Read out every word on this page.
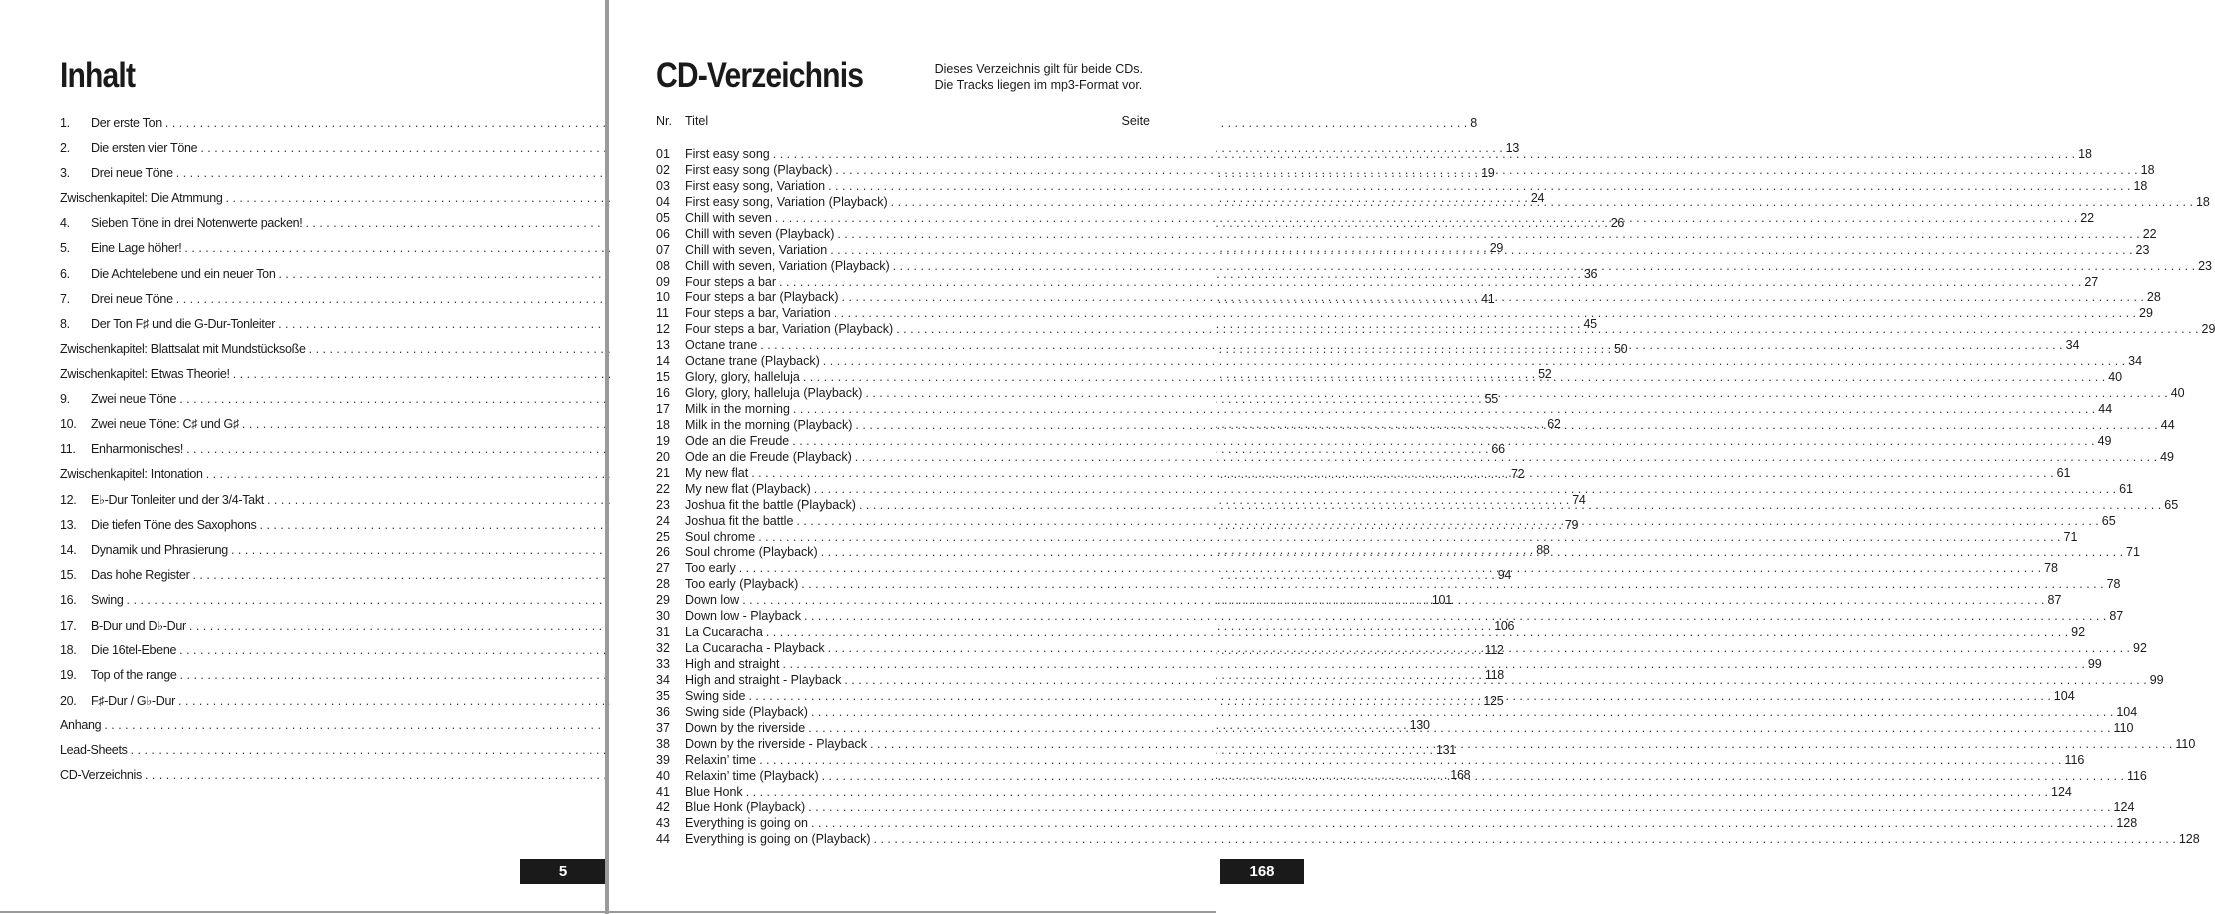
Inhalt
1.	Der erste Ton . . .	8
2.	Die ersten vier Töne . . .	13
3.	Drei neue Töne . . .	19
Zwischenkapitel: Die Atmmung . . .	24
4.	Sieben Töne in drei Notenwerte packen! . . .	26
5.	Eine Lage höher! . . .	29
6.	Die Achtelebene und ein neuer Ton . . .	36
7.	Drei neue Töne . . .	41
8.	Der Ton F♯ und die G-Dur-Tonleiter . . .	45
Zwischenkapitel: Blattsalat mit Mundstücksoße . . .	50
Zwischenkapitel: Etwas Theorie! . . .	52
9.	Zwei neue Töne . . .	55
10.	Zwei neue Töne: C♯ und G♯ . . .	62
11.	Enharmonisches! . . .	66
Zwischenkapitel: Intonation . . .	72
12.	E♭-Dur Tonleiter und der 3/4-Takt . . .	74
13.	Die tiefen Töne des Saxophons . . .	79
14.	Dynamik und Phrasierung . . .	88
15.	Das hohe Register . . .	94
16.	Swing . . .	101
17.	B-Dur und D♭-Dur . . .	106
18.	Die 16tel-Ebene . . .	112
19.	Top of the range . . .	118
20.	F♯-Dur / G♭-Dur . . .	125
Anhang . . .	130
Lead-Sheets . . .	131
CD-Verzeichnis . . .	168
5
CD-Verzeichnis	Dieses Verzeichnis gilt für beide CDs.
Die Tracks liegen im mp3-Format vor.
Nr. Titel	Seite
01	First easy song . . .	18
02	First easy song (Playback) . . .	18
03	First easy song, Variation . . .	18
04	First easy song, Variation (Playback) . . .	18
05	Chill with seven . . .	22
06	Chill with seven (Playback) . . .	22
07	Chill with seven, Variation . . .	23
08	Chill with seven, Variation (Playback) . . .	23
09	Four steps a bar . . .	27
10	Four steps a bar (Playback) . . .	28
11	Four steps a bar, Variation . . .	29
12	Four steps a bar, Variation (Playback) . . .	29
13	Octane trane . . .	34
14	Octane trane (Playback) . . .	34
15	Glory, glory, halleluja . . .	40
16	Glory, glory, halleluja (Playback) . . .	40
17	Milk in the morning . . .	44
18	Milk in the morning (Playback) . . .	44
19	Ode an die Freude . . .	49
20	Ode an die Freude (Playback) . . .	49
21	My new flat . . .	61
22	My new flat (Playback) . . .	61
23	Joshua fit the battle (Playback) . . .	65
24	Joshua fit the battle . . .	65
25	Soul chrome . . .	71
26	Soul chrome (Playback) . . .	71
27	Too early . . .	78
28	Too early (Playback) . . .	78
29	Down low . . .	87
30	Down low - Playback . . .	87
31	La Cucaracha . . .	92
32	La Cucaracha - Playback . . .	92
33	High and straight . . .	99
34	High and straight - Playback . . .	99
35	Swing side . . .	104
36	Swing side (Playback) . . .	104
37	Down by the riverside . . .	110
38	Down by the riverside - Playback . . .	110
39	Relaxin’ time . . .	116
40	Relaxin’ time (Playback) . . .	116
41	Blue Honk . . .	124
42	Blue Honk (Playback) . . .	124
43	Everything is going on . . .	128
44	Everything is going on (Playback) . . .	128
168
